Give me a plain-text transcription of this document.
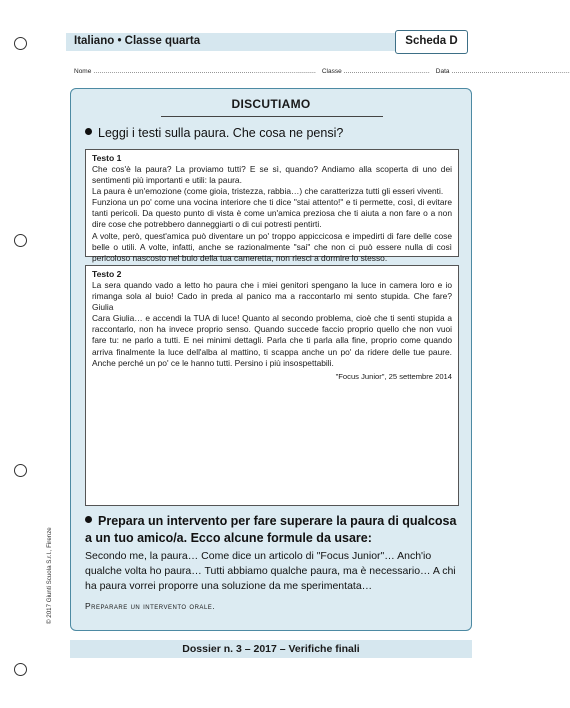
Italiano • Classe quarta	Scheda D
Nome ............................................................................................................... Classe ........................................... Data ...........................................................
DISCUTIAMO
Leggi i testi sulla paura. Che cosa ne pensi?
Testo 1

Che cos'è la paura? La proviamo tutti? E se sì, quando? Andiamo alla scoperta di uno dei sentimenti più importanti e utili: la paura.

La paura è un'emozione (come gioia, tristezza, rabbia…) che caratterizza tutti gli esseri viventi.

Funziona un po' come una vocina interiore che ti dice "stai attento!" e ti permette, così, di evitare tanti pericoli. Da questo punto di vista è come un'amica preziosa che ti aiuta a non fare o a non dire cose che potrebbero danneggiarti o di cui potresti pentirti.

A volte, però, quest'amica può diventare un po' troppo appiccicosa e impedirti di fare delle cose belle o utili. A volte, infatti, anche se razionalmente "sai" che non ci può essere nulla di così pericoloso nascosto nel buio della tua cameretta, non riesci a dormire lo stesso.

Testo 2

La sera quando vado a letto ho paura che i miei genitori spengano la luce in camera loro e io rimanga sola al buio! Cado in preda al panico ma a raccontarlo mi sento stupida. Che fare? Giulia

Cara Giulia… e accendi la TUA di luce! Quanto al secondo problema, cioè che ti senti stupida a raccontarlo, non ha invece proprio senso. Quando succede faccio proprio quello che non vuoi fare tu: ne parlo a tutti. E nei minimi dettagli. Parla che ti parla alla fine, proprio come quando arriva finalmente la luce dell'alba al mattino, ti scappa anche un po' da ridere delle tue paure. Anche perché un po' ce le hanno tutti. Persino i più insospettabili.

"Focus Junior", 25 settembre 2014
Prepara un intervento per fare superare la paura di qualcosa a un tuo amico/a. Ecco alcune formule da usare:
Secondo me, la paura… Come dice un articolo di "Focus Junior"… Anch'io qualche volta ho paura… Tutti abbiamo qualche paura, ma è necessario… A chi ha paura vorrei proporre una soluzione da me sperimentata…
Preparare un intervento orale.
Dossier n. 3 – 2017 – Verifiche finali
© 2017 Giunti Scuola S.r.l., Firenze
